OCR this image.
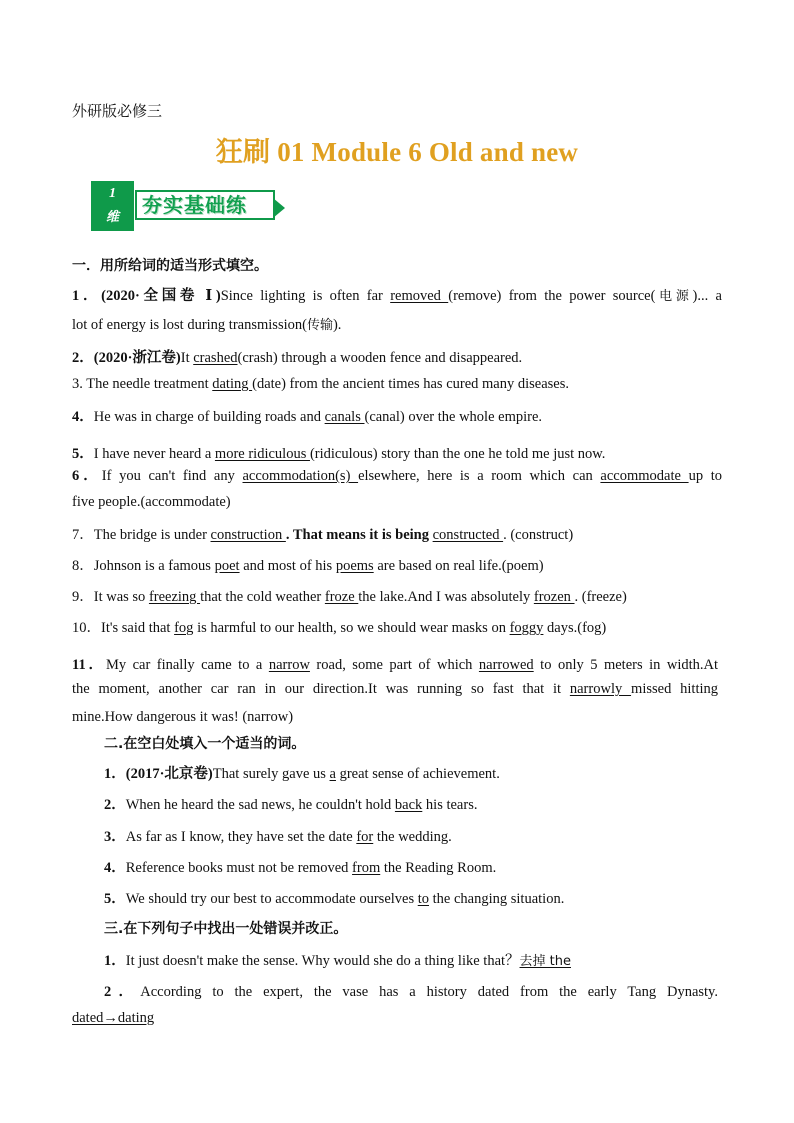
外研版必修三

狂刷 01 Module 6 Old and new
1
维
夯实基础练

一．用所给词的适当形式填空。

1．(2020·全国卷 Ⅰ)Since lighting is often far removed (remove) from the power source(电源)... a

lot of energy is lost during transmission(传输).

2．(2020·浙江卷)It crashed(crash) through a wooden fence and disappeared.

3. The needle treatment dating (date) from the ancient times has cured many diseases.

4．He was in charge of building roads and canals (canal) over the whole empire.

5．I have never heard a more ridiculous (ridiculous) story than the one he told me just now.

6．If you can't find any accommodation(s) elsewhere, here is a room which can accommodate up to

five people.(accommodate)

7．The bridge is under construction . That means it is being constructed . (construct)

8．Johnson is a famous poet and most of his poems are based on real life.(poem)

9．It was so freezing that the cold weather froze the lake.And I was absolutely frozen . (freeze)

10．It's said that fog is harmful to our health, so we should wear masks on foggy days.(fog)

11．My car finally came to a narrow road, some part of which narrowed to only 5 meters in width.At

the moment, another car ran in our direction.It was running so fast that it narrowly missed hitting

mine.How dangerous it was! (narrow)

二.在空白处填入一个适当的词。

1．(2017·北京卷)That surely gave us a great sense of achievement.

2．When he heard the sad news, he couldn't hold back his tears.

3．As far as I know, they have set the date for the wedding.

4．Reference books must not be removed from the Reading Room.

5．We should try our best to accommodate ourselves to the changing situation.

三.在下列句子中找出一处错误并改正。

1．It just doesn't make the sense. Why would she do a thing like that？去掉 the

2．According to the expert, the vase has a history dated from the early Tang Dynasty.

dated→dating
